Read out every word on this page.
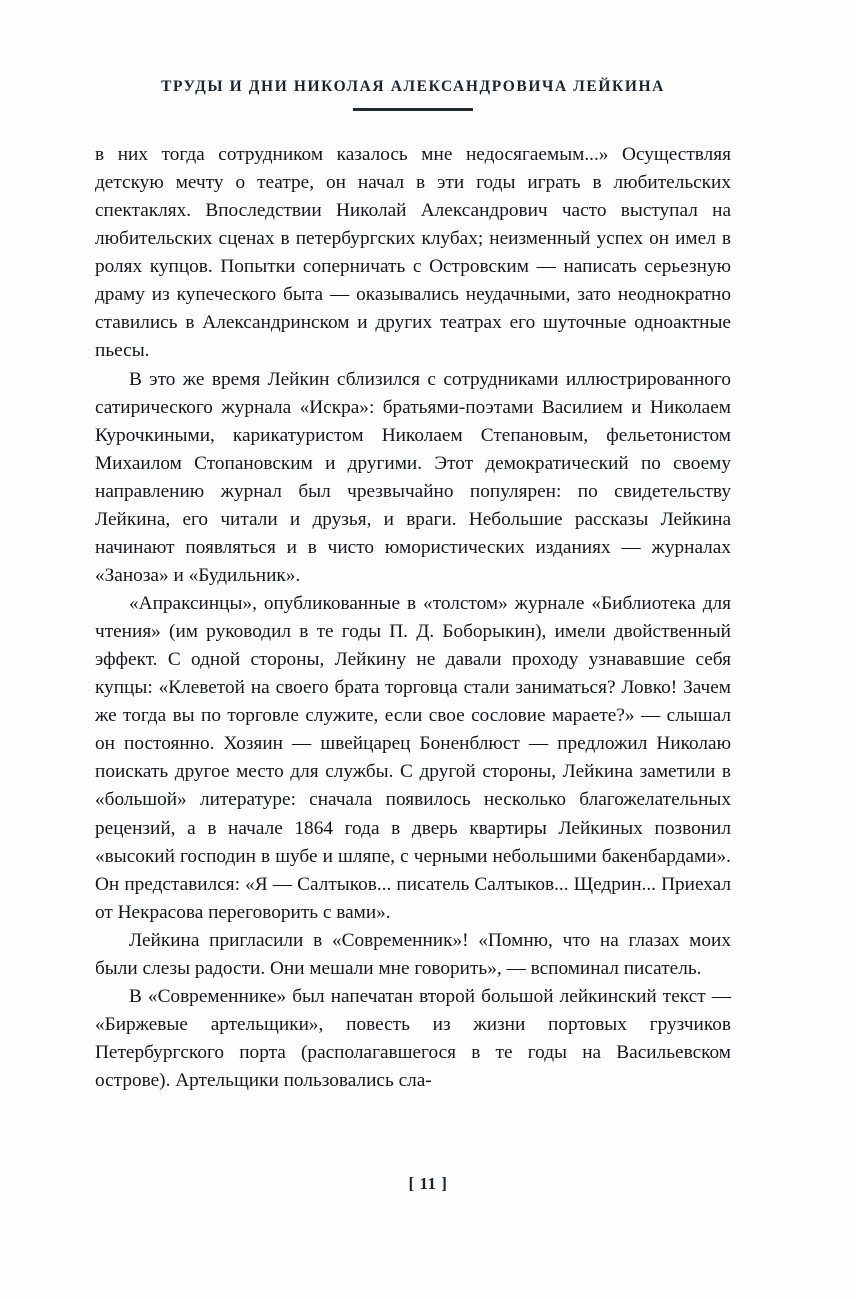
ТРУДЫ И ДНИ НИКОЛАЯ АЛЕКСАНДРОВИЧА ЛЕЙКИНА

в них тогда сотрудником казалось мне недосягаемым...» Осуществляя детскую мечту о театре, он начал в эти годы играть в любительских спектаклях. Впоследствии Николай Александрович часто выступал на любительских сценах в петербургских клубах; неизменный успех он имел в ролях купцов. Попытки соперничать с Островским — написать серьезную драму из купеческого быта — оказывались неудачными, зато неоднократно ставились в Александринском и других театрах его шуточные одноактные пьесы.

В это же время Лейкин сблизился с сотрудниками иллюстрированного сатирического журнала «Искра»: братьями-поэтами Василием и Николаем Курочкиными, карикатуристом Николаем Степановым, фельетонистом Михаилом Стопановским и другими. Этот демократический по своему направлению журнал был чрезвычайно популярен: по свидетельству Лейкина, его читали и друзья, и враги. Небольшие рассказы Лейкина начинают появляться и в чисто юмористических изданиях — журналах «Заноза» и «Будильник».

«Апраксинцы», опубликованные в «толстом» журнале «Библиотека для чтения» (им руководил в те годы П. Д. Боборыкин), имели двойственный эффект. С одной стороны, Лейкину не давали проходу узнававшие себя купцы: «Клеветой на своего брата торговца стали заниматься? Ловко! Зачем же тогда вы по торговле служите, если свое сословие мараете?» — слышал он постоянно. Хозяин — швейцарец Боненблюст — предложил Николаю поискать другое место для службы. С другой стороны, Лейкина заметили в «большой» литературе: сначала появилось несколько благожелательных рецензий, а в начале 1864 года в дверь квартиры Лейкиных позвонил «высокий господин в шубе и шляпе, с черными небольшими бакенбардами». Он представился: «Я — Салтыков... писатель Салтыков... Щедрин... Приехал от Некрасова переговорить с вами».

Лейкина пригласили в «Современник»! «Помню, что на глазах моих были слезы радости. Они мешали мне говорить», — вспоминал писатель.

В «Современнике» был напечатан второй большой лейкинский текст — «Биржевые артельщики», повесть из жизни портовых грузчиков Петербургского порта (располагавшегося в те годы на Васильевском острове). Артельщики пользовались сла-

[ 11 ]
